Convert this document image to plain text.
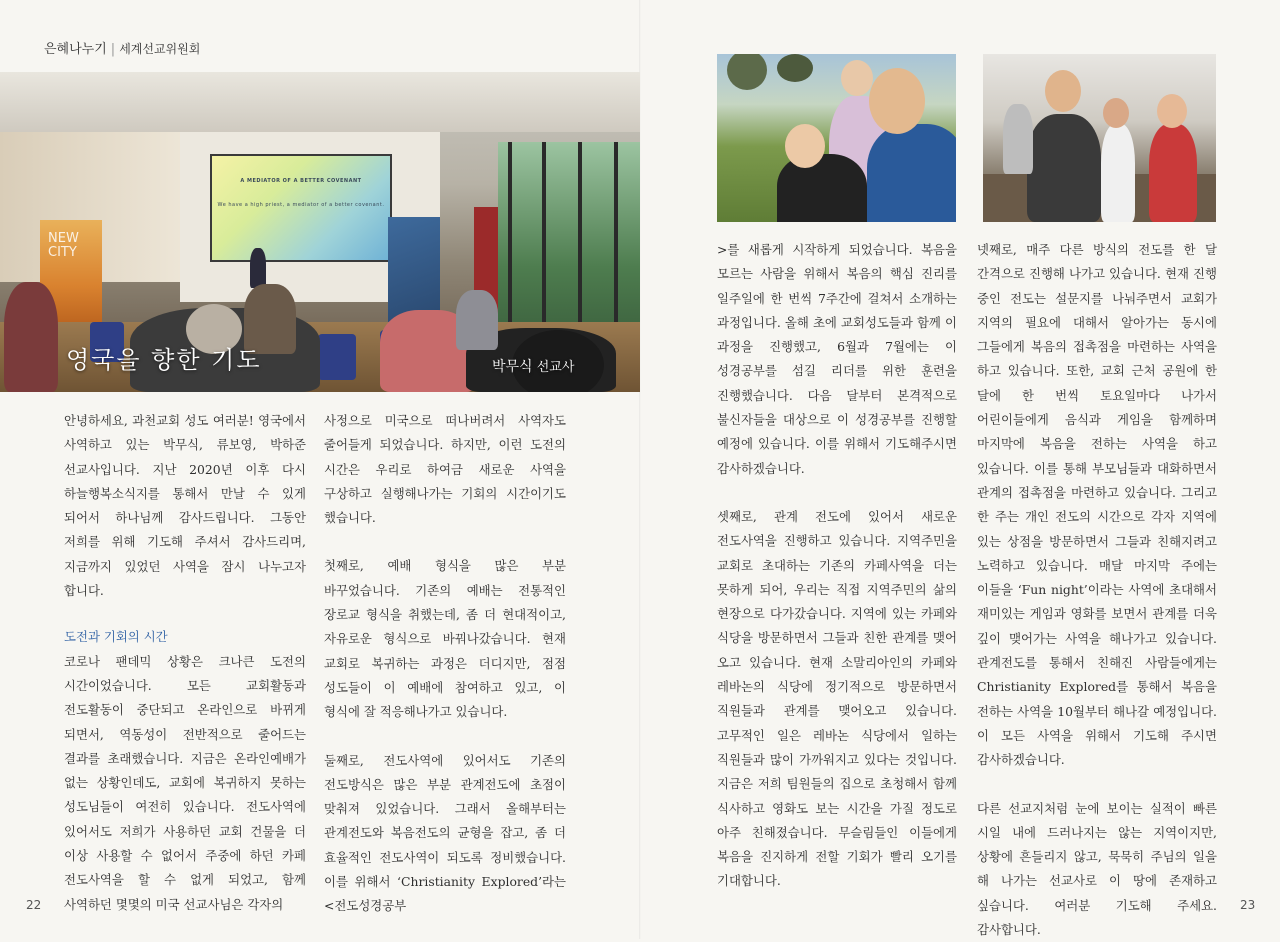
은혜나누기 | 세계선교위원회
A MEDIATOR OF A BETTER COVENANT
We have a high priest, a mediator of a better covenant.
NEW CITY
영국을 향한 기도	박무식 선교사

안녕하세요, 과천교회 성도 여러분! 영국에서 사역하고 있는 박무식, 류보영, 박하준 선교사입니다. 지난 2020년 이후 다시 하늘행복소식지를 통해서 만날 수 있게 되어서 하나님께 감사드립니다. 그동안 저희를 위해 기도해 주셔서 감사드리며, 지금까지 있었던 사역을 잠시 나누고자 합니다.

도전과 기회의 시간

코로나 팬데믹 상황은 크나큰 도전의 시간이었습니다. 모든 교회활동과 전도활동이 중단되고 온라인으로 바뀌게 되면서, 역동성이 전반적으로 줄어드는 결과를 초래했습니다. 지금은 온라인예배가 없는 상황인데도, 교회에 복귀하지 못하는 성도님들이 여전히 있습니다. 전도사역에 있어서도 저희가 사용하던 교회 건물을 더 이상 사용할 수 없어서 주중에 하던 카페 전도사역을 할 수 없게 되었고, 함께 사역하던 몇몇의 미국 선교사님은 각자의

사정으로 미국으로 떠나버려서 사역자도 줄어들게 되었습니다. 하지만, 이런 도전의 시간은 우리로 하여금 새로운 사역을 구상하고 실행해나가는 기회의 시간이기도 했습니다.

첫째로, 예배 형식을 많은 부분 바꾸었습니다. 기존의 예배는 전통적인 장로교 형식을 취했는데, 좀 더 현대적이고, 자유로운 형식으로 바꿔나갔습니다. 현재 교회로 복귀하는 과정은 더디지만, 점점 성도들이 이 예배에 참여하고 있고, 이 형식에 잘 적응해나가고 있습니다.

둘째로, 전도사역에 있어서도 기존의 전도방식은 많은 부분 관계전도에 초점이 맞춰져 있었습니다. 그래서 올해부터는 관계전도와 복음전도의 균형을 잡고, 좀 더 효율적인 전도사역이 되도록 정비했습니다. 이를 위해서 ‘Christianity Explored’라는 <전도성경공부

>를 새롭게 시작하게 되었습니다. 복음을 모르는 사람을 위해서 복음의 핵심 진리를 일주일에 한 번씩 7주간에 걸쳐서 소개하는 과정입니다. 올해 초에 교회성도들과 함께 이 과정을 진행했고, 6월과 7월에는 이 성경공부를 섬길 리더를 위한 훈련을 진행했습니다. 다음 달부터 본격적으로 불신자들을 대상으로 이 성경공부를 진행할 예정에 있습니다. 이를 위해서 기도해주시면 감사하겠습니다.

셋째로, 관계 전도에 있어서 새로운 전도사역을 진행하고 있습니다. 지역주민을 교회로 초대하는 기존의 카페사역을 더는 못하게 되어, 우리는 직접 지역주민의 삶의 현장으로 다가갔습니다. 지역에 있는 카페와 식당을 방문하면서 그들과 친한 관계를 맺어 오고 있습니다. 현재 소말리아인의 카페와 레바논의 식당에 정기적으로 방문하면서 직원들과 관계를 맺어오고 있습니다. 고무적인 일은 레바논 식당에서 일하는 직원들과 많이 가까워지고 있다는 것입니다. 지금은 저희 팀원들의 집으로 초청해서 함께 식사하고 영화도 보는 시간을 가질 정도로 아주 친해졌습니다. 무슬림들인 이들에게 복음을 진지하게 전할 기회가 빨리 오기를 기대합니다.

넷째로, 매주 다른 방식의 전도를 한 달 간격으로 진행해 나가고 있습니다. 현재 진행 중인 전도는 설문지를 나눠주면서 교회가 지역의 필요에 대해서 알아가는 동시에 그들에게 복음의 접촉점을 마련하는 사역을 하고 있습니다. 또한, 교회 근처 공원에 한 달에 한 번씩 토요일마다 나가서 어린이들에게 음식과 게임을 함께하며 마지막에 복음을 전하는 사역을 하고 있습니다. 이를 통해 부모님들과 대화하면서 관계의 접촉점을 마련하고 있습니다. 그리고 한 주는 개인 전도의 시간으로 각자 지역에 있는 상점을 방문하면서 그들과 친해지려고 노력하고 있습니다. 매달 마지막 주에는 이들을 ‘Fun night’이라는 사역에 초대해서 재미있는 게임과 영화를 보면서 관계를 더욱 깊이 맺어가는 사역을 해나가고 있습니다. 관계전도를 통해서 친해진 사람들에게는 Christianity Explored를 통해서 복음을 전하는 사역을 10월부터 해나갈 예정입니다. 이 모든 사역을 위해서 기도해 주시면 감사하겠습니다.

다른 선교지처럼 눈에 보이는 실적이 빠른 시일 내에 드러나지는 않는 지역이지만, 상황에 흔들리지 않고, 묵묵히 주님의 일을 해 나가는 선교사로 이 땅에 존재하고 싶습니다. 여러분 기도해 주세요. 감사합니다.

22	23
